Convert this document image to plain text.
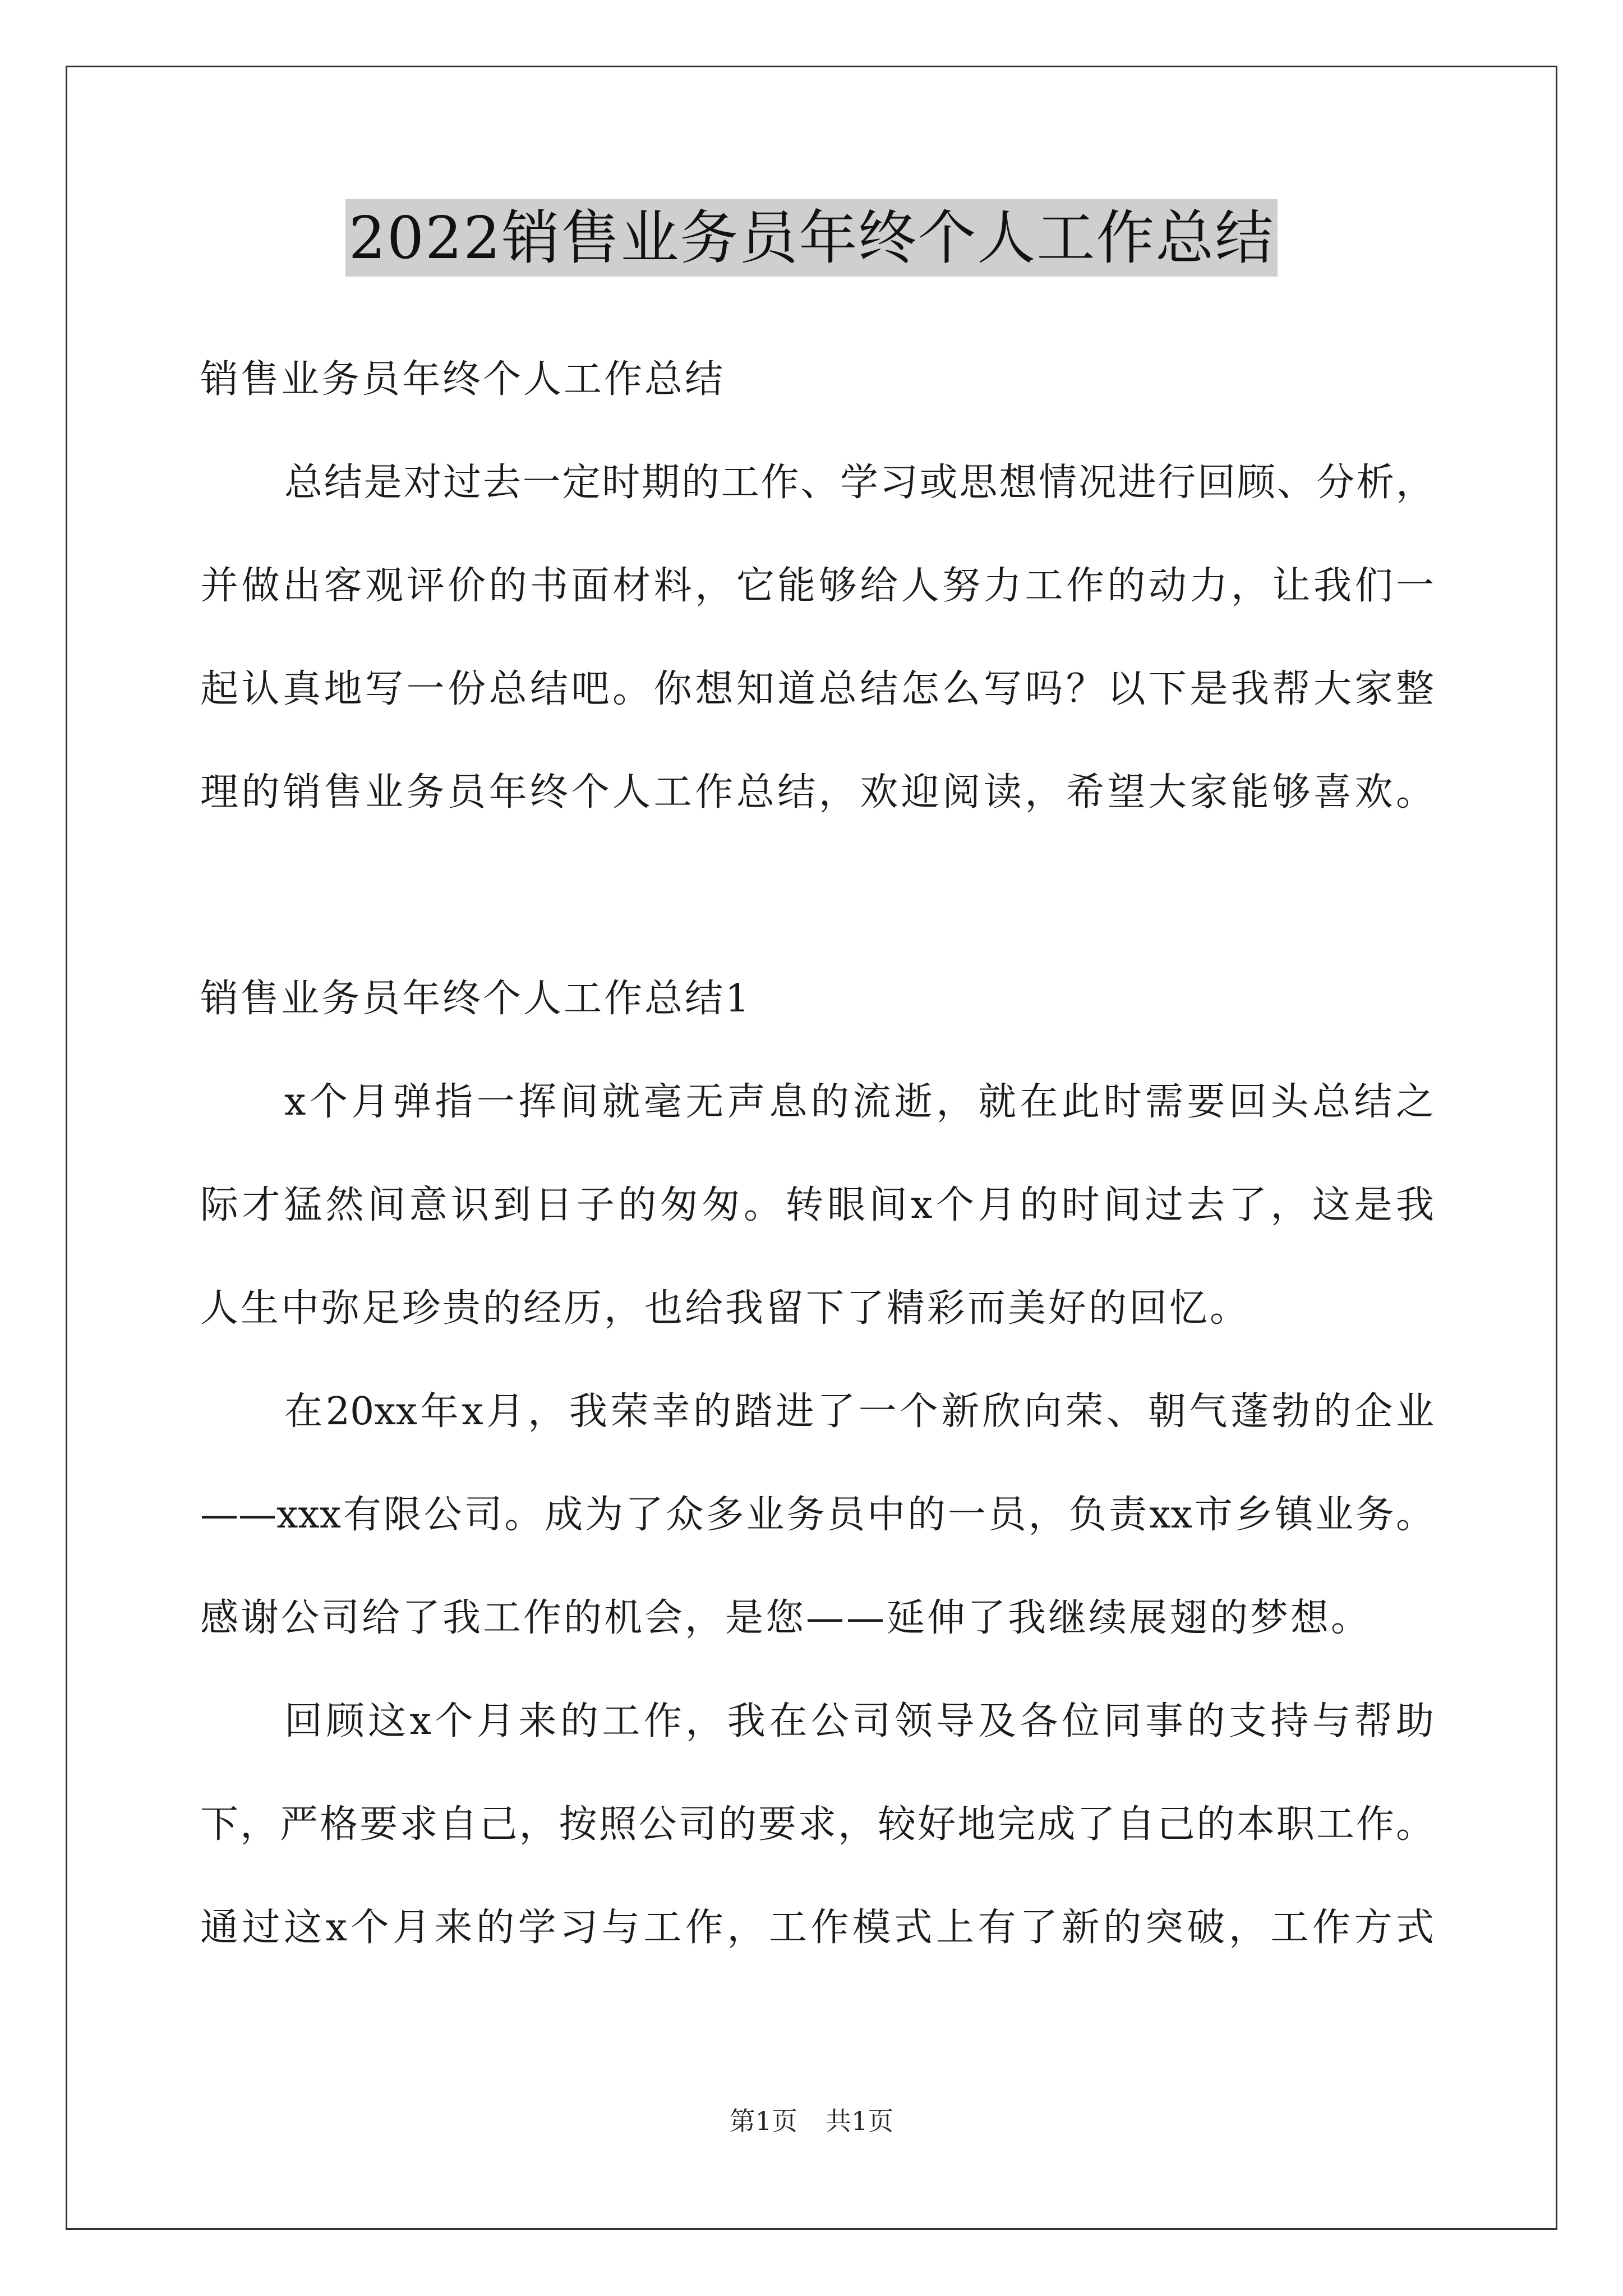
2022销售业务员年终个人工作总结
销售业务员年终个人工作总结
总结是对过去一定时期的工作、学习或思想情况进行回顾、分析，
并做出客观评价的书面材料，它能够给人努力工作的动力，让我们一
起认真地写一份总结吧。你想知道总结怎么写吗？以下是我帮大家整
理的销售业务员年终个人工作总结，欢迎阅读，希望大家能够喜欢。
销售业务员年终个人工作总结1
x个月弹指一挥间就毫无声息的流逝，就在此时需要回头总结之
际才猛然间意识到日子的匆匆。转眼间x个月的时间过去了，这是我
人生中弥足珍贵的经历，也给我留下了精彩而美好的回忆。
在20xx年x月，我荣幸的踏进了一个新欣向荣、朝气蓬勃的企业
——xxx有限公司。成为了众多业务员中的一员，负责xx市乡镇业务。
感谢公司给了我工作的机会，是您——延伸了我继续展翅的梦想。
回顾这x个月来的工作，我在公司领导及各位同事的支持与帮助
下，严格要求自己，按照公司的要求，较好地完成了自己的本职工作。
通过这x个月来的学习与工作，工作模式上有了新的突破，工作方式
第1页 共1页
